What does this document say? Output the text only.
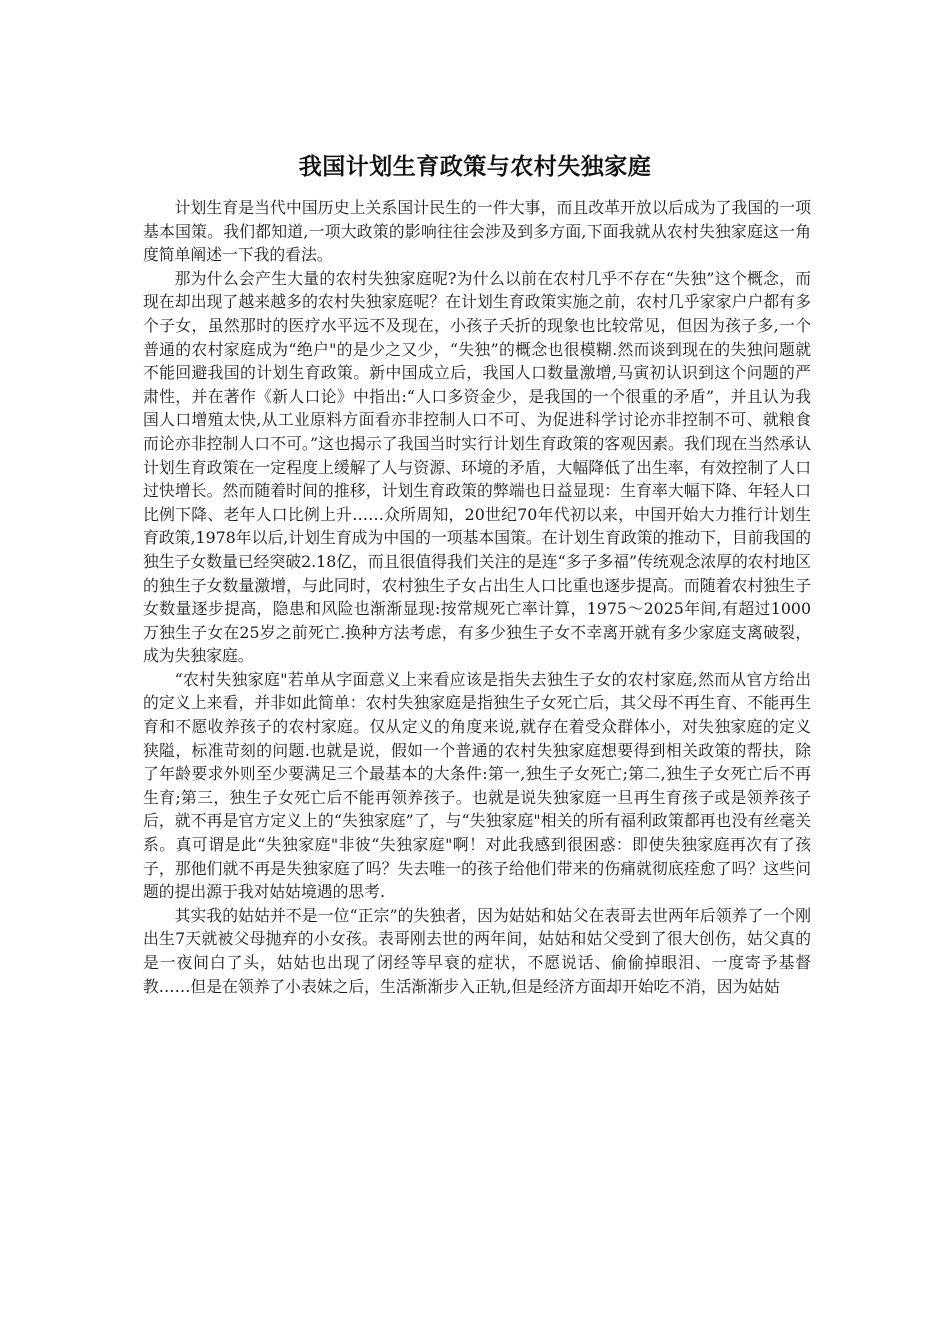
我国计划生育政策与农村失独家庭

计划生育是当代中国历史上关系国计民生的一件大事，而且改革开放以后成为了我国的一项基本国策。我们都知道,一项大政策的影响往往会涉及到多方面,下面我就从农村失独家庭这一角度简单阐述一下我的看法。

那为什么会产生大量的农村失独家庭呢?为什么以前在农村几乎不存在“失独”这个概念，而现在却出现了越来越多的农村失独家庭呢？在计划生育政策实施之前，农村几乎家家户户都有多个子女，虽然那时的医疗水平远不及现在，小孩子夭折的现象也比较常见，但因为孩子多,一个普通的农村家庭成为“绝户"的是少之又少，“失独”的概念也很模糊.然而谈到现在的失独问题就不能回避我国的计划生育政策。新中国成立后，我国人口数量激增,马寅初认识到这个问题的严肃性，并在著作《新人口论》中指出:“人口多资金少，是我国的一个很重的矛盾”，并且认为我国人口增殖太快,从工业原料方面看亦非控制人口不可、为促进科学讨论亦非控制不可、就粮食而论亦非控制人口不可。”这也揭示了我国当时实行计划生育政策的客观因素。我们现在当然承认计划生育政策在一定程度上缓解了人与资源、环境的矛盾，大幅降低了出生率，有效控制了人口过快增长。然而随着时间的推移，计划生育政策的弊端也日益显现：生育率大幅下降、年轻人口比例下降、老年人口比例上升……众所周知，20世纪70年代初以来，中国开始大力推行计划生育政策,1978年以后,计划生育成为中国的一项基本国策。在计划生育政策的推动下，目前我国的独生子女数量已经突破2.18亿，而且很值得我们关注的是连“多子多福”传统观念浓厚的农村地区的独生子女数量激增，与此同时，农村独生子女占出生人口比重也逐步提高。而随着农村独生子女数量逐步提高，隐患和风险也渐渐显现:按常规死亡率计算，1975～2025年间,有超过1000万独生子女在25岁之前死亡.换种方法考虑，有多少独生子女不幸离开就有多少家庭支离破裂，成为失独家庭。

“农村失独家庭"若单从字面意义上来看应该是指失去独生子女的农村家庭,然而从官方给出的定义上来看，并非如此简单：农村失独家庭是指独生子女死亡后，其父母不再生育、不能再生育和不愿收养孩子的农村家庭。仅从定义的角度来说,就存在着受众群体小，对失独家庭的定义狭隘，标准苛刻的问题.也就是说，假如一个普通的农村失独家庭想要得到相关政策的帮扶，除了年龄要求外则至少要满足三个最基本的大条件:第一,独生子女死亡;第二,独生子女死亡后不再生育;第三，独生子女死亡后不能再领养孩子。也就是说失独家庭一旦再生育孩子或是领养孩子后，就不再是官方定义上的“失独家庭”了，与“失独家庭"相关的所有福利政策都再也没有丝毫关系。真可谓是此“失独家庭"非彼“失独家庭"啊！对此我感到很困惑：即使失独家庭再次有了孩子，那他们就不再是失独家庭了吗？失去唯一的孩子给他们带来的伤痛就彻底痊愈了吗？这些问题的提出源于我对姑姑境遇的思考.

其实我的姑姑并不是一位“正宗”的失独者，因为姑姑和姑父在表哥去世两年后领养了一个刚出生7天就被父母抛弃的小女孩。表哥刚去世的两年间，姑姑和姑父受到了很大创伤，姑父真的是一夜间白了头，姑姑也出现了闭经等早衰的症状，不愿说话、偷偷掉眼泪、一度寄予基督教……但是在领养了小表妹之后，生活渐渐步入正轨,但是经济方面却开始吃不消，因为姑姑
